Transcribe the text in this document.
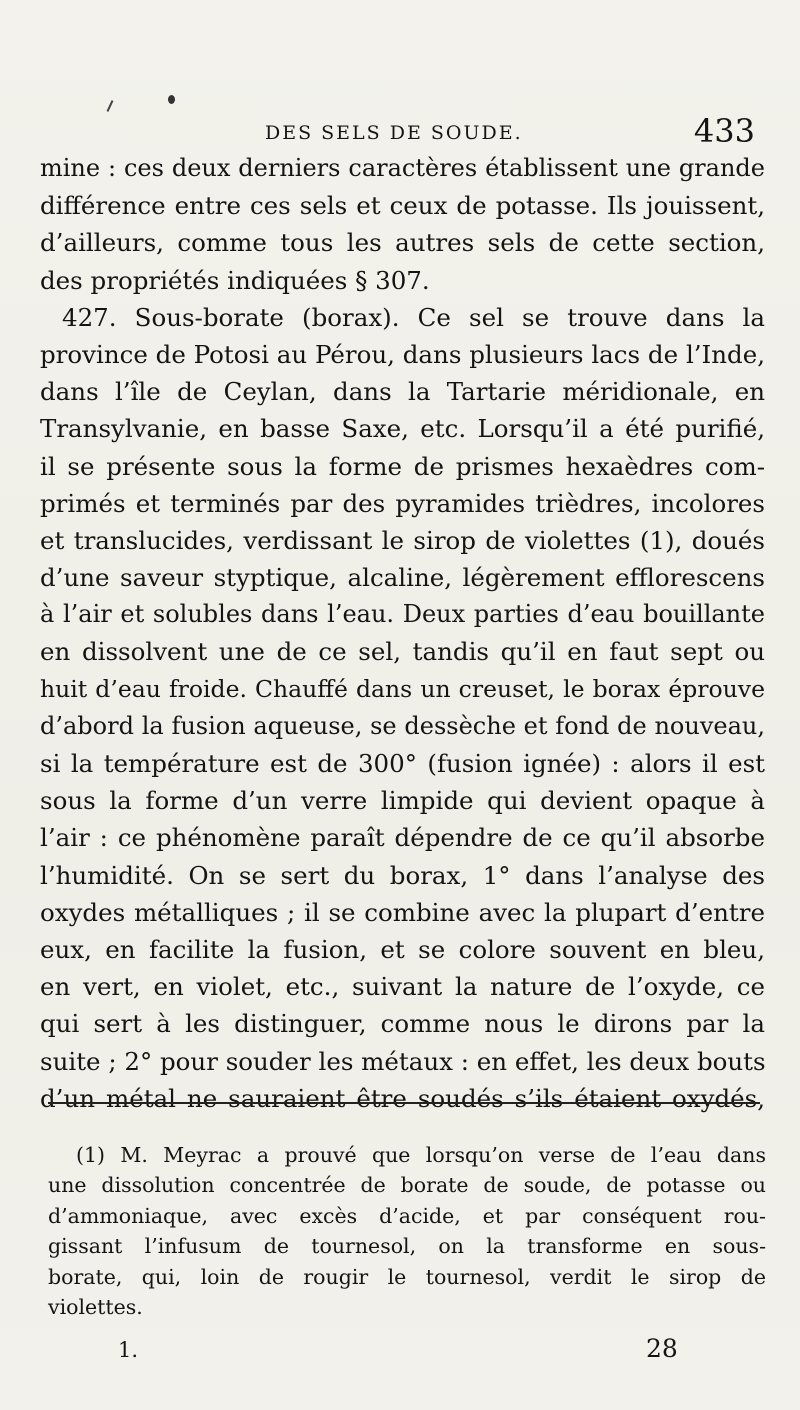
DES SELS DE SOUDE.	433
mine : ces deux derniers caractères établissent une grande
différence entre ces sels et ceux de potasse. Ils jouissent,
d’ailleurs, comme tous les autres sels de cette section,
des propriétés indiquées § 307.
427. Sous-borate (borax). Ce sel se trouve dans la
province de Potosi au Pérou, dans plusieurs lacs de l’Inde,
dans l’île de Ceylan, dans la Tartarie méridionale, en
Transylvanie, en basse Saxe, etc. Lorsqu’il a été purifié,
il se présente sous la forme de prismes hexaèdres com-
primés et terminés par des pyramides trièdres, incolores
et translucides, verdissant le sirop de violettes (1), doués
d’une saveur styptique, alcaline, légèrement efflorescens
à l’air et solubles dans l’eau. Deux parties d’eau bouillante
en dissolvent une de ce sel, tandis qu’il en faut sept ou
huit d’eau froide. Chauffé dans un creuset, le borax éprouve
d’abord la fusion aqueuse, se dessèche et fond de nouveau,
si la température est de 300° (fusion ignée) : alors il est
sous la forme d’un verre limpide qui devient opaque à
l’air : ce phénomène paraît dépendre de ce qu’il absorbe
l’humidité. On se sert du borax, 1° dans l’analyse des
oxydes métalliques ; il se combine avec la plupart d’entre
eux, en facilite la fusion, et se colore souvent en bleu,
en vert, en violet, etc., suivant la nature de l’oxyde, ce
qui sert à les distinguer, comme nous le dirons par la
suite ; 2° pour souder les métaux : en effet, les deux bouts
d’un métal ne sauraient être soudés s’ils étaient oxydés,
(1) M. Meyrac a prouvé que lorsqu’on verse de l’eau dans
une dissolution concentrée de borate de soude, de potasse ou
d’ammoniaque, avec excès d’acide, et par conséquent rou-
gissant l’infusum de tournesol, on la transforme en sous-
borate, qui, loin de rougir le tournesol, verdit le sirop de
violettes.
1.	28
